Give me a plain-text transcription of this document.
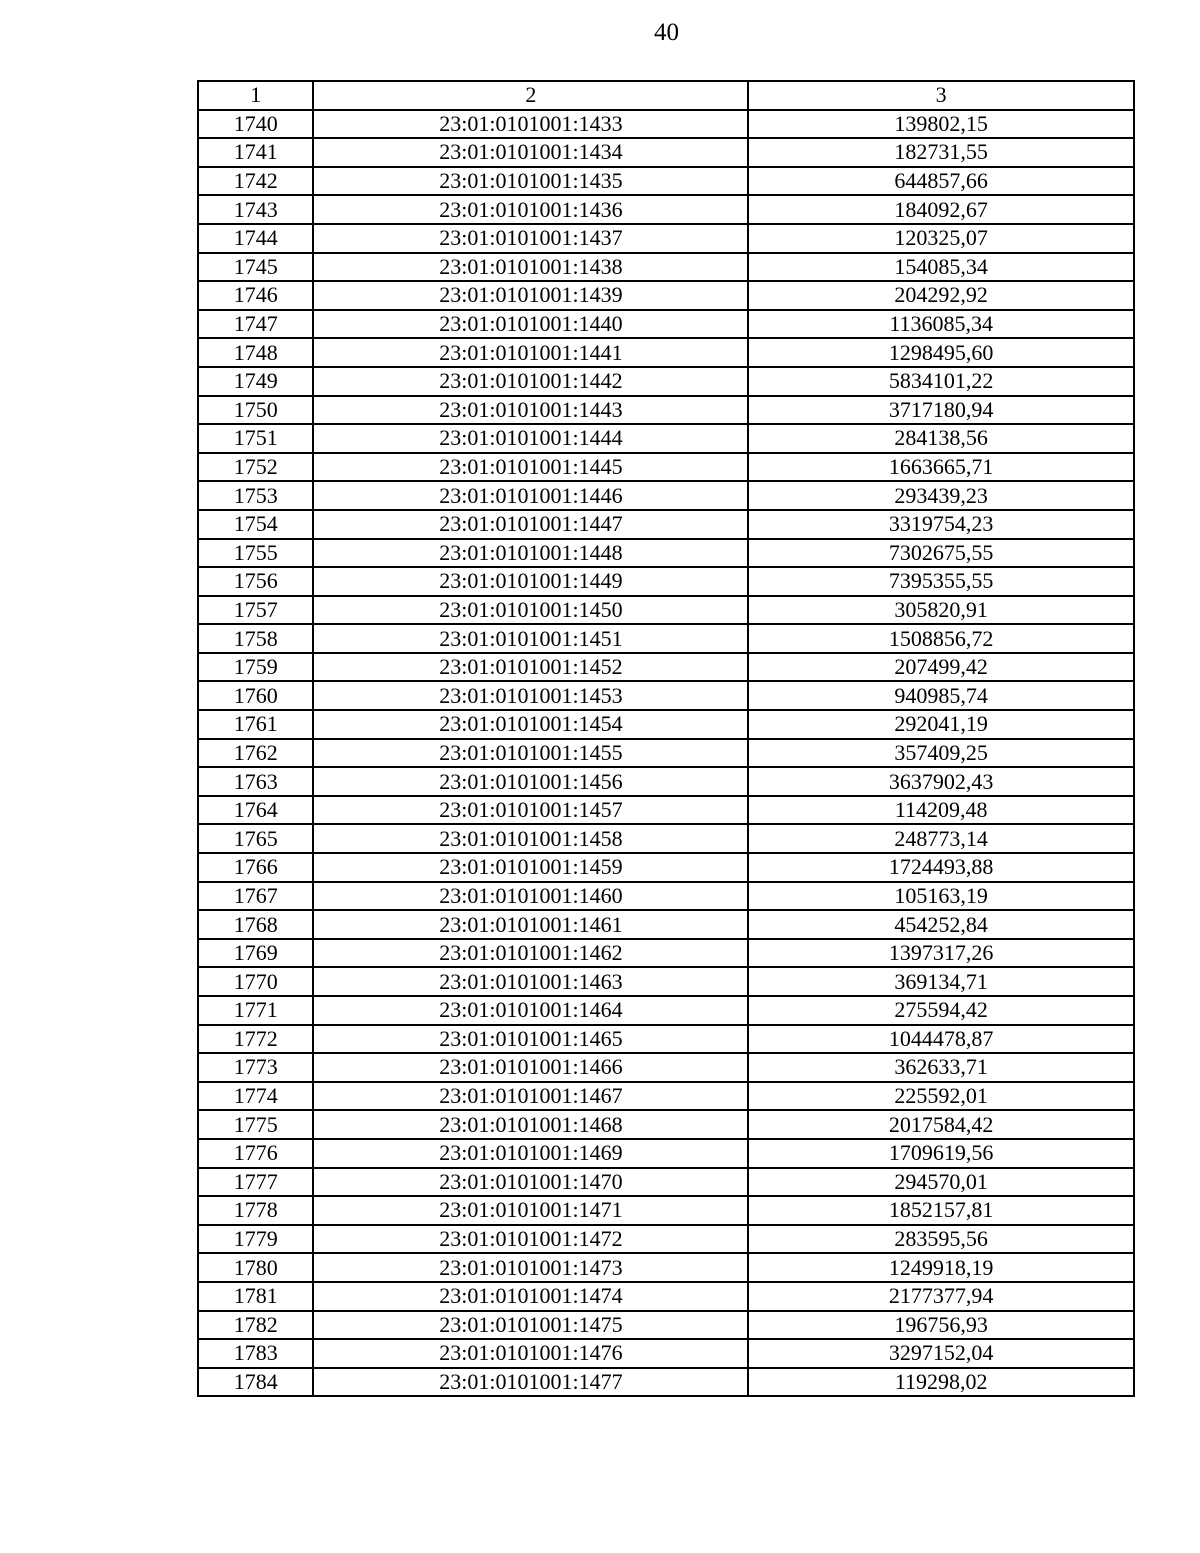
40
1	2	3
1740	23:01:0101001:1433	139802,15
1741	23:01:0101001:1434	182731,55
1742	23:01:0101001:1435	644857,66
1743	23:01:0101001:1436	184092,67
1744	23:01:0101001:1437	120325,07
1745	23:01:0101001:1438	154085,34
1746	23:01:0101001:1439	204292,92
1747	23:01:0101001:1440	1136085,34
1748	23:01:0101001:1441	1298495,60
1749	23:01:0101001:1442	5834101,22
1750	23:01:0101001:1443	3717180,94
1751	23:01:0101001:1444	284138,56
1752	23:01:0101001:1445	1663665,71
1753	23:01:0101001:1446	293439,23
1754	23:01:0101001:1447	3319754,23
1755	23:01:0101001:1448	7302675,55
1756	23:01:0101001:1449	7395355,55
1757	23:01:0101001:1450	305820,91
1758	23:01:0101001:1451	1508856,72
1759	23:01:0101001:1452	207499,42
1760	23:01:0101001:1453	940985,74
1761	23:01:0101001:1454	292041,19
1762	23:01:0101001:1455	357409,25
1763	23:01:0101001:1456	3637902,43
1764	23:01:0101001:1457	114209,48
1765	23:01:0101001:1458	248773,14
1766	23:01:0101001:1459	1724493,88
1767	23:01:0101001:1460	105163,19
1768	23:01:0101001:1461	454252,84
1769	23:01:0101001:1462	1397317,26
1770	23:01:0101001:1463	369134,71
1771	23:01:0101001:1464	275594,42
1772	23:01:0101001:1465	1044478,87
1773	23:01:0101001:1466	362633,71
1774	23:01:0101001:1467	225592,01
1775	23:01:0101001:1468	2017584,42
1776	23:01:0101001:1469	1709619,56
1777	23:01:0101001:1470	294570,01
1778	23:01:0101001:1471	1852157,81
1779	23:01:0101001:1472	283595,56
1780	23:01:0101001:1473	1249918,19
1781	23:01:0101001:1474	2177377,94
1782	23:01:0101001:1475	196756,93
1783	23:01:0101001:1476	3297152,04
1784	23:01:0101001:1477	119298,02
